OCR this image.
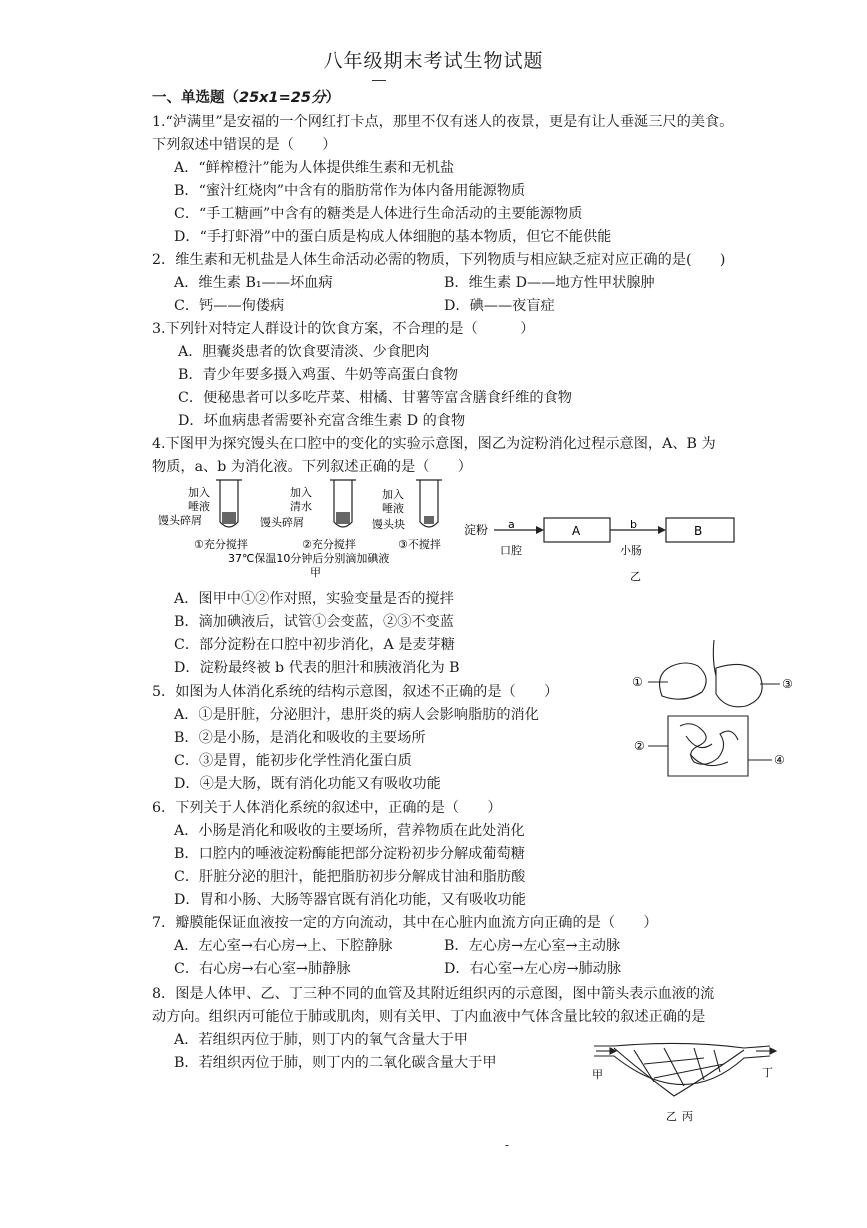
八年级期末考试生物试题
一、单选题（25x1=25分）
1.“泸满里”是安福的一个网红打卡点，那里不仅有迷人的夜景，更是有让人垂涎三尺的美食。
下列叙述中错误的是（　　）
A．“鲜榨橙汁”能为人体提供维生素和无机盐
B．“蜜汁红烧肉”中含有的脂肪常作为体内备用能源物质
C．“手工糖画”中含有的糖类是人体进行生命活动的主要能源物质
D．“手打虾滑”中的蛋白质是构成人体细胞的基本物质，但它不能供能
2．维生素和无机盐是人体生命活动必需的物质，下列物质与相应缺乏症对应正确的是(　　)
A．维生素 B₁——坏血病	B．维生素 D——地方性甲状腺肿
C．钙——佝偻病	D．碘——夜盲症
3.下列针对特定人群设计的饮食方案，不合理的是（　　　）
A．胆囊炎患者的饮食要清淡、少食肥肉
B．青少年要多摄入鸡蛋、牛奶等高蛋白食物
C．便秘患者可以多吃芹菜、柑橘、甘薯等富含膳食纤维的食物
D．坏血病患者需要补充富含维生素 D 的食物
4.下图甲为探究馒头在口腔中的变化的实验示意图，图乙为淀粉消化过程示意图，A、B 为
物质，a、b 为消化液。下列叙述正确的是（　　）
加入
唾液
馒头碎屑
①充分搅拌
加入
清水
馒头碎屑
②充分搅拌
加入
唾液
馒头块
③不搅拌
37℃保温10分钟后分别滴加碘液
甲
淀粉 a	A	b	B
口腔	小肠
乙
A．图甲中①②作对照，实验变量是否的搅拌
B．滴加碘液后，试管①会变蓝，②③不变蓝
C．部分淀粉在口腔中初步消化，A 是麦芽糖
D．淀粉最终被 b 代表的胆汁和胰液消化为 B
5．如图为人体消化系统的结构示意图，叙述不正确的是（　　）
A．①是肝脏，分泌胆汁，患肝炎的病人会影响脂肪的消化
B．②是小肠，是消化和吸收的主要场所
C．③是胃，能初步化学性消化蛋白质
D．④是大肠，既有消化功能又有吸收功能
①
②
③
④
6．下列关于人体消化系统的叙述中，正确的是（　　）
A．小肠是消化和吸收的主要场所，营养物质在此处消化
B．口腔内的唾液淀粉酶能把部分淀粉初步分解成葡萄糖
C．肝脏分泌的胆汁，能把脂肪初步分解成甘油和脂肪酸
D．胃和小肠、大肠等器官既有消化功能，又有吸收功能
7．瓣膜能保证血液按一定的方向流动，其中在心脏内血流方向正确的是（　　）
A．左心室→右心房→上、下腔静脉	B．左心房→左心室→主动脉
C．右心房→右心室→肺静脉	D．右心室→左心房→肺动脉
8．图是人体甲、乙、丁三种不同的血管及其附近组织丙的示意图，图中箭头表示血液的流
动方向。组织丙可能位于肺或肌肉，则有关甲、丁内血液中气体含量比较的叙述正确的是
A．若组织丙位于肺，则丁内的氧气含量大于甲
B．若组织丙位于肺，则丁内的二氧化碳含量大于甲
甲	丁
乙 丙
-
